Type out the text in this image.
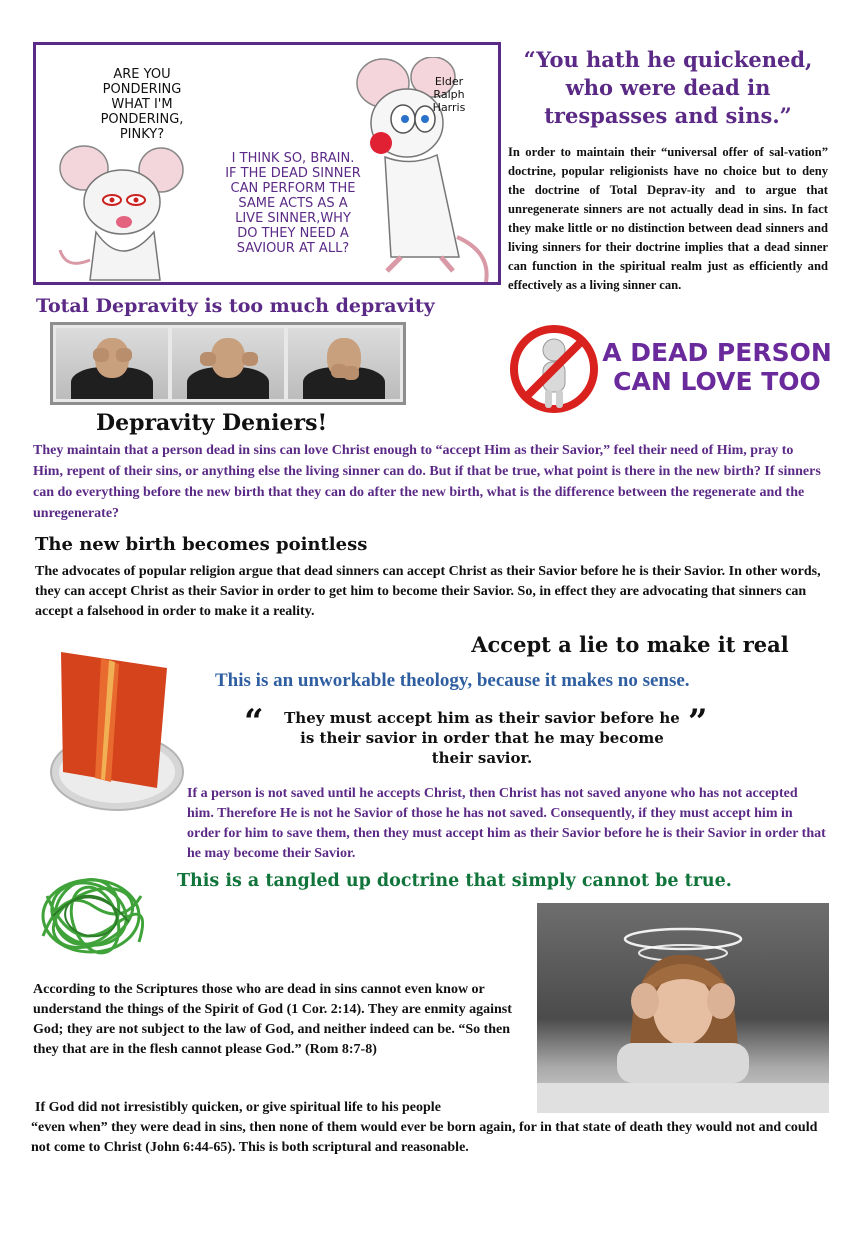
ARE YOU
PONDERING
WHAT I'M
PONDERING,
PINKY?
Elder
Ralph
Harris
I THINK SO, BRAIN.
IF THE DEAD SINNER
CAN PERFORM THE
SAME ACTS AS A
LIVE SINNER,WHY
DO THEY NEED A
SAVIOUR AT ALL?
“You hath he quickened, who were dead in trespasses and sins.”
In order to maintain their “universal offer of sal-vation” doctrine, popular religionists have no choice but to deny the doctrine of Total Deprav-ity and to argue that unregenerate sinners are not actually dead in sins. In fact they make little or no distinction between dead sinners and living sinners for their doctrine implies that a dead sinner can function in the spiritual realm just as efficiently and effectively as a living sinner can.
Total Depravity is too much depravity
A DEAD PERSON CAN LOVE TOO
Depravity Deniers!
They maintain that a person dead in sins can love Christ enough to “accept Him as their Savior,” feel their need of Him, pray to Him, repent of their sins, or anything else the living sinner can do. But if that be true, what point is there in the new birth? If sinners can do everything before the new birth that they can do after the new birth, what is the difference between the regenerate and the unregenerate?
The new birth becomes pointless
The advocates of popular religion argue that dead sinners can accept Christ as their Savior before he is their Savior. In other words, they can accept Christ as their Savior in order to get him to become their Savior. So, in effect they are advocating that sinners can accept a falsehood in order to make it a reality.
Accept a lie to make it real
This is an unworkable theology, because it makes no sense.
“ They must accept him as their savior before he is their savior in order that he may become their savior.
”
If a person is not saved until he accepts Christ, then Christ has not saved anyone who has not accepted him. Therefore He is not he Savior of those he has not saved. Consequently, if they must accept him in order for him to save them, then they must accept him as their Savior before he is their Savior in order that he may become their Savior.
This is a tangled up doctrine that simply cannot be true.
According to the Scriptures those who are dead in sins cannot even know or understand the things of the Spirit of God (1 Cor. 2:14). They are enmity against God; they are not subject to the law of God, and neither indeed can be. “So then they that are in the flesh cannot please God.” (Rom 8:7-8)
If God did not irresistibly quicken, or give spiritual life to his people
“even when” they were dead in sins, then none of them would ever be born again, for in that state of death they would not and could not come to Christ (John 6:44-65). This is both scriptural and reasonable.
